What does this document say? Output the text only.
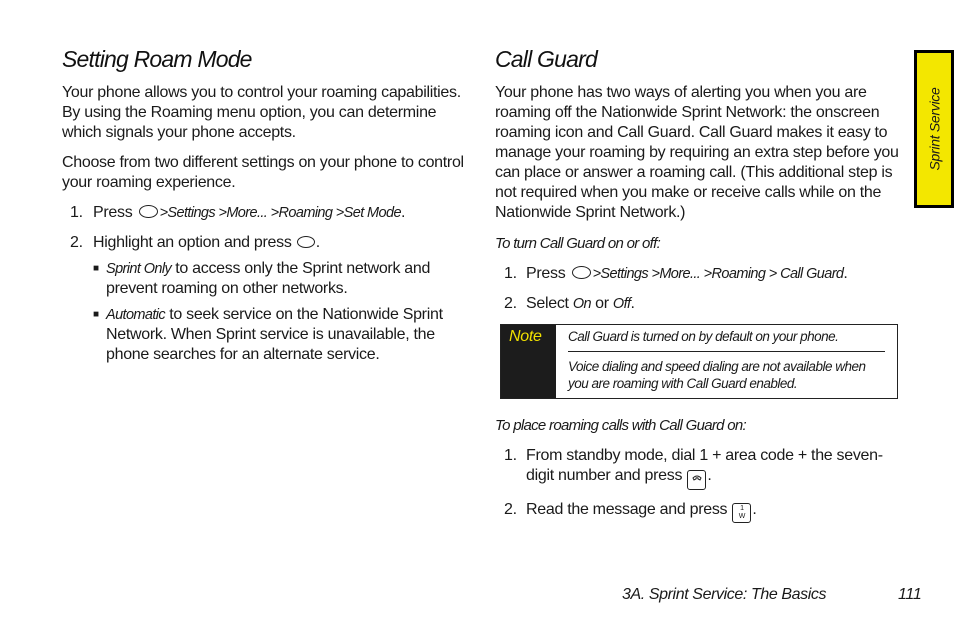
Setting Roam Mode

Your phone allows you to control your roaming capabilities. By using the Roaming menu option, you can determine which signals your phone accepts.

Choose from two different settings on your phone to control your roaming experience.

1. Press >Settings >More... >Roaming >Set Mode.
2. Highlight an option and press .
■ Sprint Only to access only the Sprint network and prevent roaming on other networks.
■ Automatic to seek service on the Nationwide Sprint Network. When Sprint service is unavailable, the phone searches for an alternate service.
Call Guard

Your phone has two ways of alerting you when you are roaming off the Nationwide Sprint Network: the onscreen roaming icon and Call Guard. Call Guard makes it easy to manage your roaming by requiring an extra step before you can place or answer a roaming call. (This additional step is not required when you make or receive calls while on the Nationwide Sprint Network.)

To turn Call Guard on or off:
1. Press >Settings >More... >Roaming > Call Guard.
2. Select On or Off.
Note	Call Guard is turned on by default on your phone.
Voice dialing and speed dialing are not available when you are roaming with Call Guard enabled.
To place roaming calls with Call Guard on:
1. From standby mode, dial 1 + area code + the seven-digit number and press .
2. Read the message and press 1
W .
Sprint Service
3A. Sprint Service: The Basics	111
